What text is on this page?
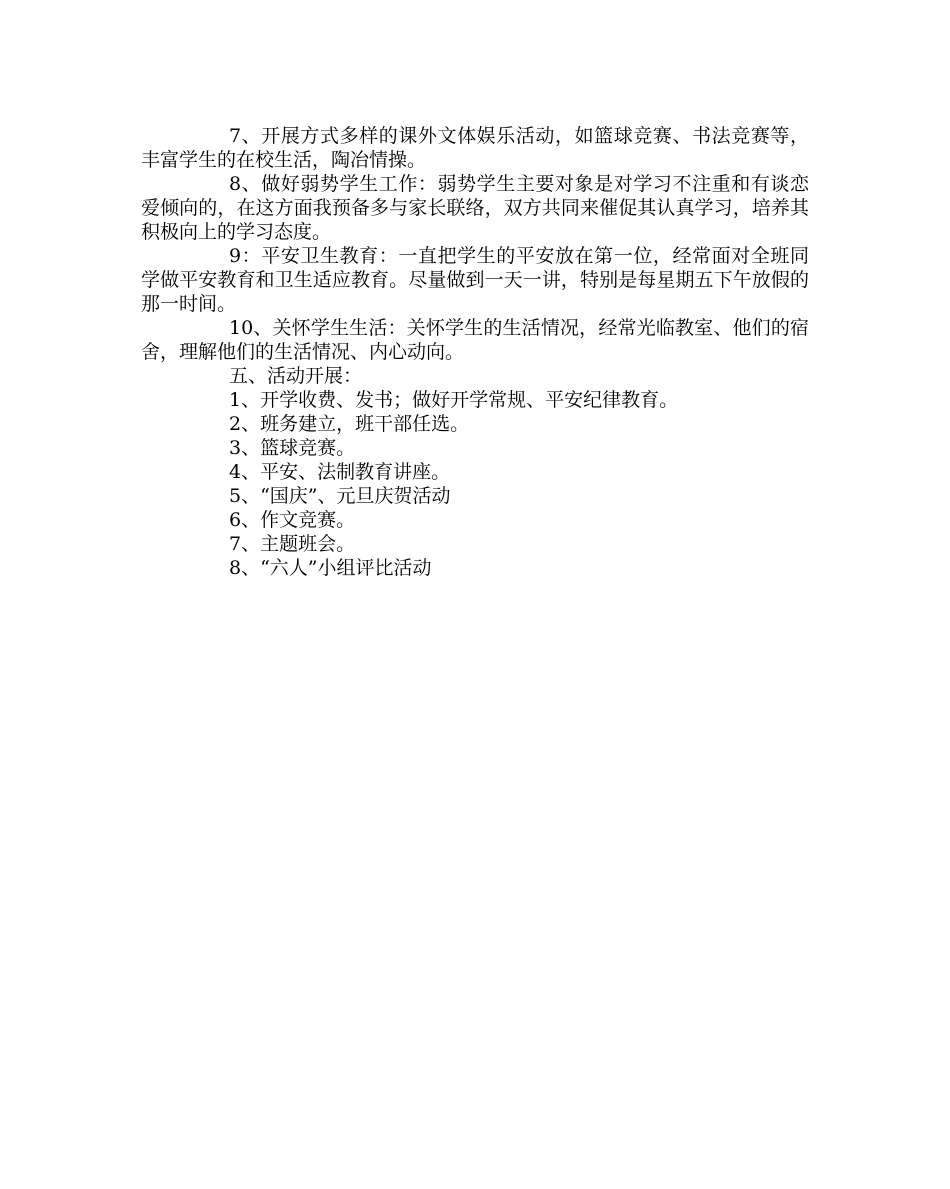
7、开展方式多样的课外文体娱乐活动，如篮球竞赛、书法竞赛等，丰富学生的在校生活，陶冶情操。

8、做好弱势学生工作：弱势学生主要对象是对学习不注重和有谈恋爱倾向的，在这方面我预备多与家长联络，双方共同来催促其认真学习，培养其积极向上的学习态度。

9：平安卫生教育：一直把学生的平安放在第一位，经常面对全班同学做平安教育和卫生适应教育。尽量做到一天一讲，特别是每星期五下午放假的那一时间。

10、关怀学生生活：关怀学生的生活情况，经常光临教室、他们的宿舍，理解他们的生活情况、内心动向。

五、活动开展：

1、开学收费、发书；做好开学常规、平安纪律教育。

2、班务建立，班干部任选。

3、篮球竞赛。

4、平安、法制教育讲座。

5、“国庆”、元旦庆贺活动

6、作文竞赛。

7、主题班会。

8、“六人”小组评比活动
